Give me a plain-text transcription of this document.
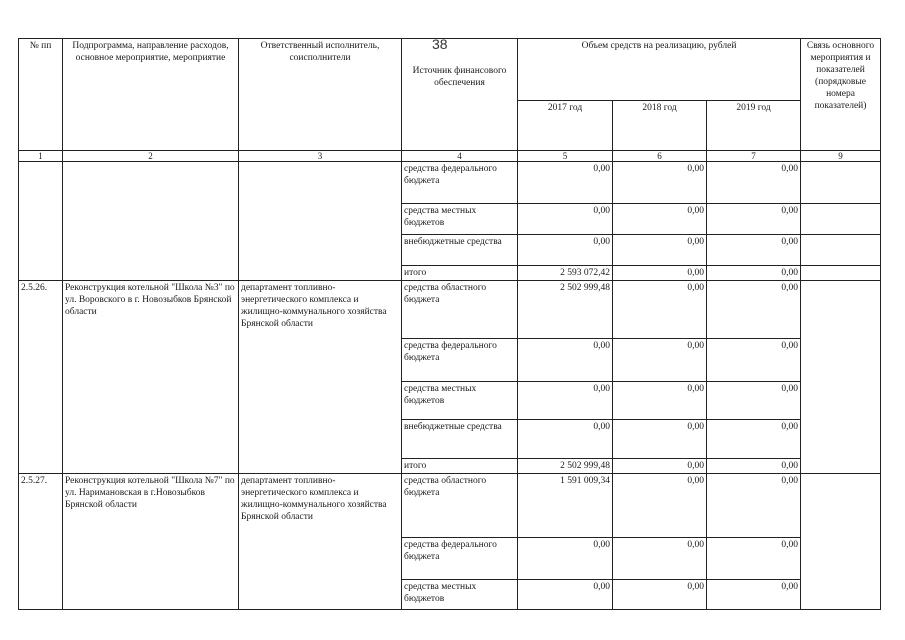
38
№ пп	Подпрограмма, направление расходов, основное мероприятие, мероприятие	Ответственный исполнитель, соисполнители	Источник финансового обеспечения	Объем средств на реализацию, рублей			Связь основного мероприятия и показателей (порядковые номера показателей)
				2017 год	2018 год	2019 год	
1	2	3	4	5	6	7	9
			средства федерального бюджета	0,00	0,00	0,00	
			средства местных бюджетов	0,00	0,00	0,00	
			внебюджетные средства	0,00	0,00	0,00	
			итого	2 593 072,42	0,00	0,00	
2.5.26.	Реконструкция котельной "Школа №3" по ул. Воровского в г. Новозыбков Брянской области	департамент топливно-энергетического комплекса и жилищно-коммунального хозяйства Брянской области	средства областного бюджета	2 502 999,48	0,00	0,00	
			средства федерального бюджета	0,00	0,00	0,00	
			средства местных бюджетов	0,00	0,00	0,00	
			внебюджетные средства	0,00	0,00	0,00	
			итого	2 502 999,48	0,00	0,00	
2.5.27.	Реконструкция котельной "Школа №7" по ул. Наримановская в г.Новозыбков Брянской области	департамент топливно-энергетического комплекса и жилищно-коммунального хозяйства Брянской области	средства областного бюджета	1 591 009,34	0,00	0,00	
			средства федерального бюджета	0,00	0,00	0,00	
			средства местных бюджетов	0,00	0,00	0,00	
